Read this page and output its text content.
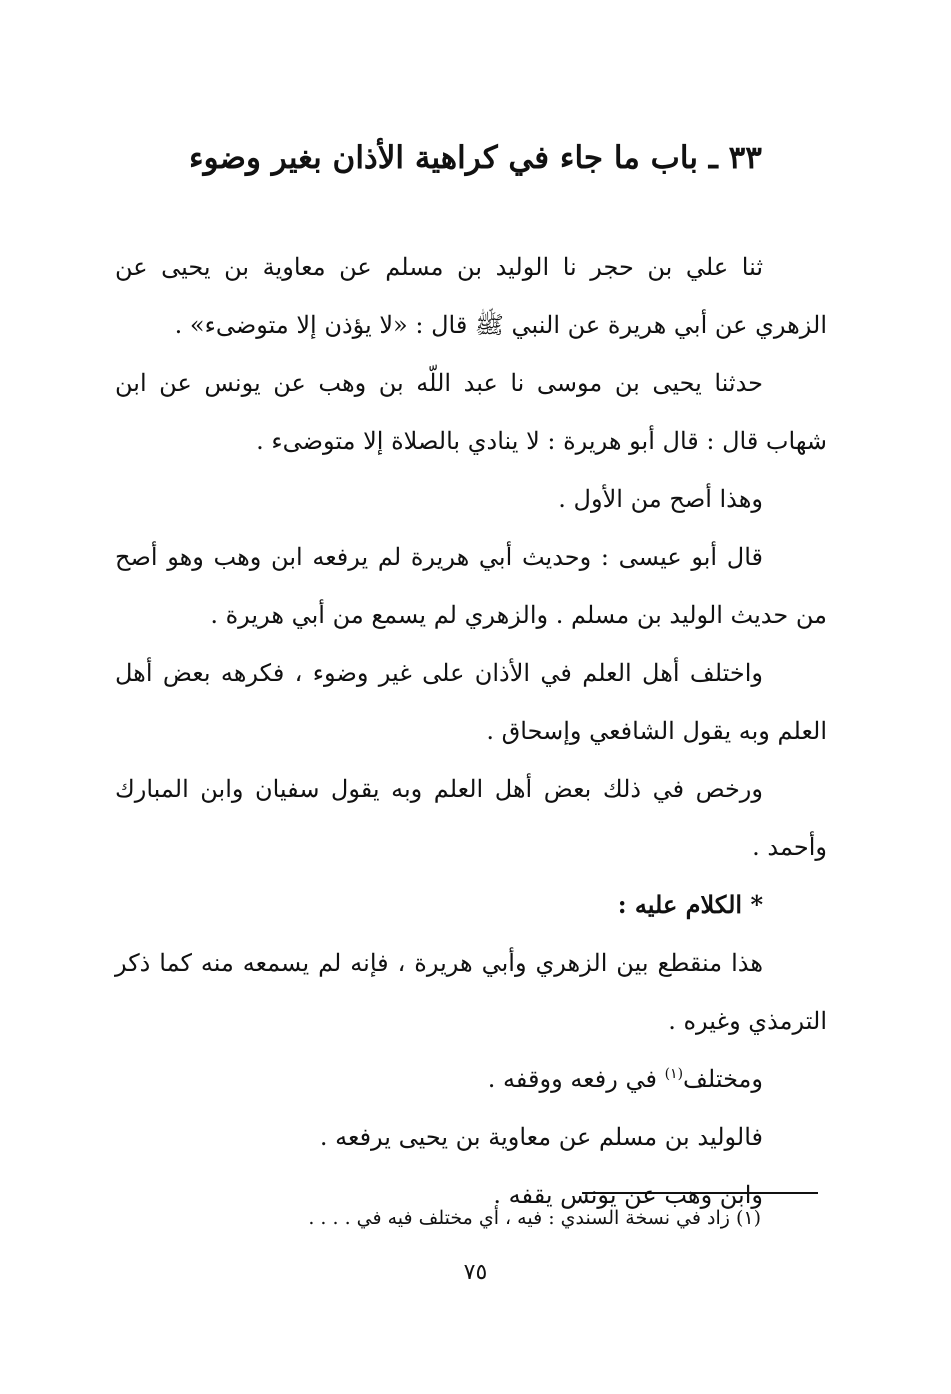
٣٣ ـ باب ما جاء في كراهية الأذان بغير وضوء

ثنا علي بن حجر نا الوليد بن مسلم عن معاوية بن يحيى عن الزهري عن أبي هريرة عن النبي ﷺ قال : «لا يؤذن إلا متوضىء» .

حدثنا يحيى بن موسى نا عبد اللّه بن وهب عن يونس عن ابن شهاب قال : قال أبو هريرة : لا ينادي بالصلاة إلا متوضىء .

وهذا أصح من الأول .

قال أبو عيسى : وحديث أبي هريرة لم يرفعه ابن وهب وهو أصح من حديث الوليد بن مسلم . والزهري لم يسمع من أبي هريرة .

واختلف أهل العلم في الأذان على غير وضوء ، فكرهه بعض أهل العلم وبه يقول الشافعي وإسحاق .

ورخص في ذلك بعض أهل العلم وبه يقول سفيان وابن المبارك وأحمد .

* الكلام عليه :

هذا منقطع بين الزهري وأبي هريرة ، فإنه لم يسمعه منه كما ذكر الترمذي وغيره .

ومختلف$^{(١)}$ في رفعه ووقفه .

فالوليد بن مسلم عن معاوية بن يحيى يرفعه .

وابن وهب عن يونس يقفه .

(١) زاد في نسخة السندي : فيه ، أي مختلف فيه في . . . .
٧٥
